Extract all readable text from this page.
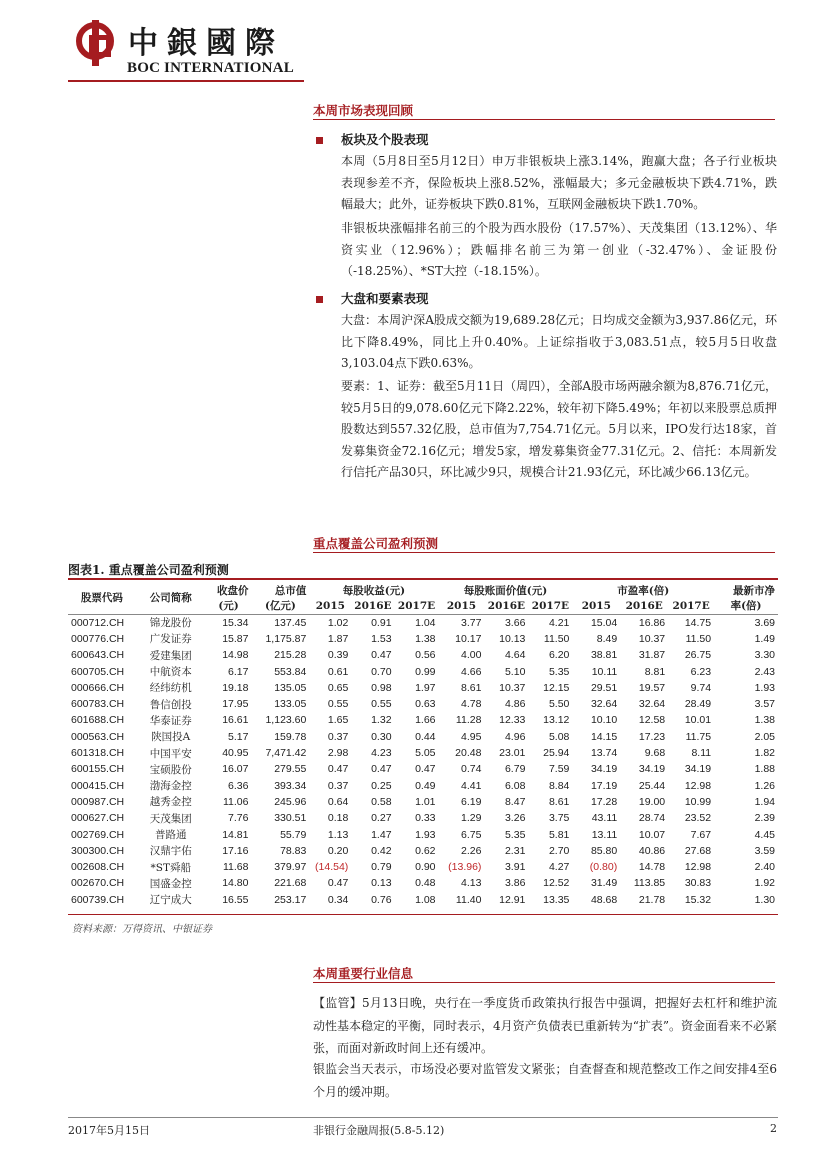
中銀國際
BOC INTERNATIONAL
本周市场表现回顾
板块及个股表现
本周（5月8日至5月12日）申万非银板块上涨3.14%，跑赢大盘；各子行业板块表现参差不齐，保险板块上涨8.52%，涨幅最大；多元金融板块下跌4.71%，跌幅最大；此外，证券板块下跌0.81%，互联网金融板块下跌1.70%。
非银板块涨幅排名前三的个股为西水股份（17.57%）、天茂集团（13.12%）、华资实业（12.96%）；跌幅排名前三为第一创业（-32.47%）、金证股份（-18.25%）、*ST大控（-18.15%）。
大盘和要素表现
大盘：本周沪深A股成交额为19,689.28亿元；日均成交金额为3,937.86亿元，环比下降8.49%，同比上升0.40%。上证综指收于3,083.51点，较5月5日收盘3,103.04点下跌0.63%。
要素：1、证券：截至5月11日（周四），全部A股市场两融余额为8,876.71亿元，较5月5日的9,078.60亿元下降2.22%，较年初下降5.49%；年初以来股票总质押股数达到557.32亿股，总市值为7,754.71亿元。5月以来，IPO发行达18家，首发募集资金72.16亿元；增发5家，增发募集资金77.31亿元。2、信托：本周新发行信托产品30只，环比减少9只，规模合计21.93亿元，环比减少66.13亿元。
重点覆盖公司盈利预测
图表1. 重点覆盖公司盈利预测
股票代码	公司简称	收盘价	总市值	每股收益(元)			每股账面价值(元)			市盈率(倍)			最新市净
		(元)	(亿元)	2015	2016E	2017E	2015	2016E	2017E	2015	2016E	2017E	率(倍)
000712.CH	锦龙股份	15.34	137.45	1.02	0.91	1.04	3.77	3.66	4.21	15.04	16.86	14.75	3.69
000776.CH	广发证券	15.87	1,175.87	1.87	1.53	1.38	10.17	10.13	11.50	8.49	10.37	11.50	1.49
600643.CH	爱建集团	14.98	215.28	0.39	0.47	0.56	4.00	4.64	6.20	38.81	31.87	26.75	3.30
600705.CH	中航资本	6.17	553.84	0.61	0.70	0.99	4.66	5.10	5.35	10.11	8.81	6.23	2.43
000666.CH	经纬纺机	19.18	135.05	0.65	0.98	1.97	8.61	10.37	12.15	29.51	19.57	9.74	1.93
600783.CH	鲁信创投	17.95	133.05	0.55	0.55	0.63	4.78	4.86	5.50	32.64	32.64	28.49	3.57
601688.CH	华泰证券	16.61	1,123.60	1.65	1.32	1.66	11.28	12.33	13.12	10.10	12.58	10.01	1.38
000563.CH	陕国投A	5.17	159.78	0.37	0.30	0.44	4.95	4.96	5.08	14.15	17.23	11.75	2.05
601318.CH	中国平安	40.95	7,471.42	2.98	4.23	5.05	20.48	23.01	25.94	13.74	9.68	8.11	1.82
600155.CH	宝硕股份	16.07	279.55	0.47	0.47	0.47	0.74	6.79	7.59	34.19	34.19	34.19	1.88
000415.CH	渤海金控	6.36	393.34	0.37	0.25	0.49	4.41	6.08	8.84	17.19	25.44	12.98	1.26
000987.CH	越秀金控	11.06	245.96	0.64	0.58	1.01	6.19	8.47	8.61	17.28	19.00	10.99	1.94
000627.CH	天茂集团	7.76	330.51	0.18	0.27	0.33	1.29	3.26	3.75	43.11	28.74	23.52	2.39
002769.CH	普路通	14.81	55.79	1.13	1.47	1.93	6.75	5.35	5.81	13.11	10.07	7.67	4.45
300300.CH	汉鼎宇佑	17.16	78.83	0.20	0.42	0.62	2.26	2.31	2.70	85.80	40.86	27.68	3.59
002608.CH	*ST舜船	11.68	379.97	(14.54)	0.79	0.90	(13.96)	3.91	4.27	(0.80)	14.78	12.98	2.40
002670.CH	国盛金控	14.80	221.68	0.47	0.13	0.48	4.13	3.86	12.52	31.49	113.85	30.83	1.92
600739.CH	辽宁成大	16.55	253.17	0.34	0.76	1.08	11.40	12.91	13.35	48.68	21.78	15.32	1.30
资料来源：万得资讯、中银证券
本周重要行业信息
【监管】5月13日晚，央行在一季度货币政策执行报告中强调，把握好去杠杆和维护流动性基本稳定的平衡，同时表示，4月资产负债表已重新转为“扩表”。资金面看来不必紧张，而面对新政时间上还有缓冲。
银监会当天表示，市场没必要对监管发文紧张；自查督查和规范整改工作之间安排4至6个月的缓冲期。
2017年5月15日	非银行金融周报(5.8-5.12)	2
